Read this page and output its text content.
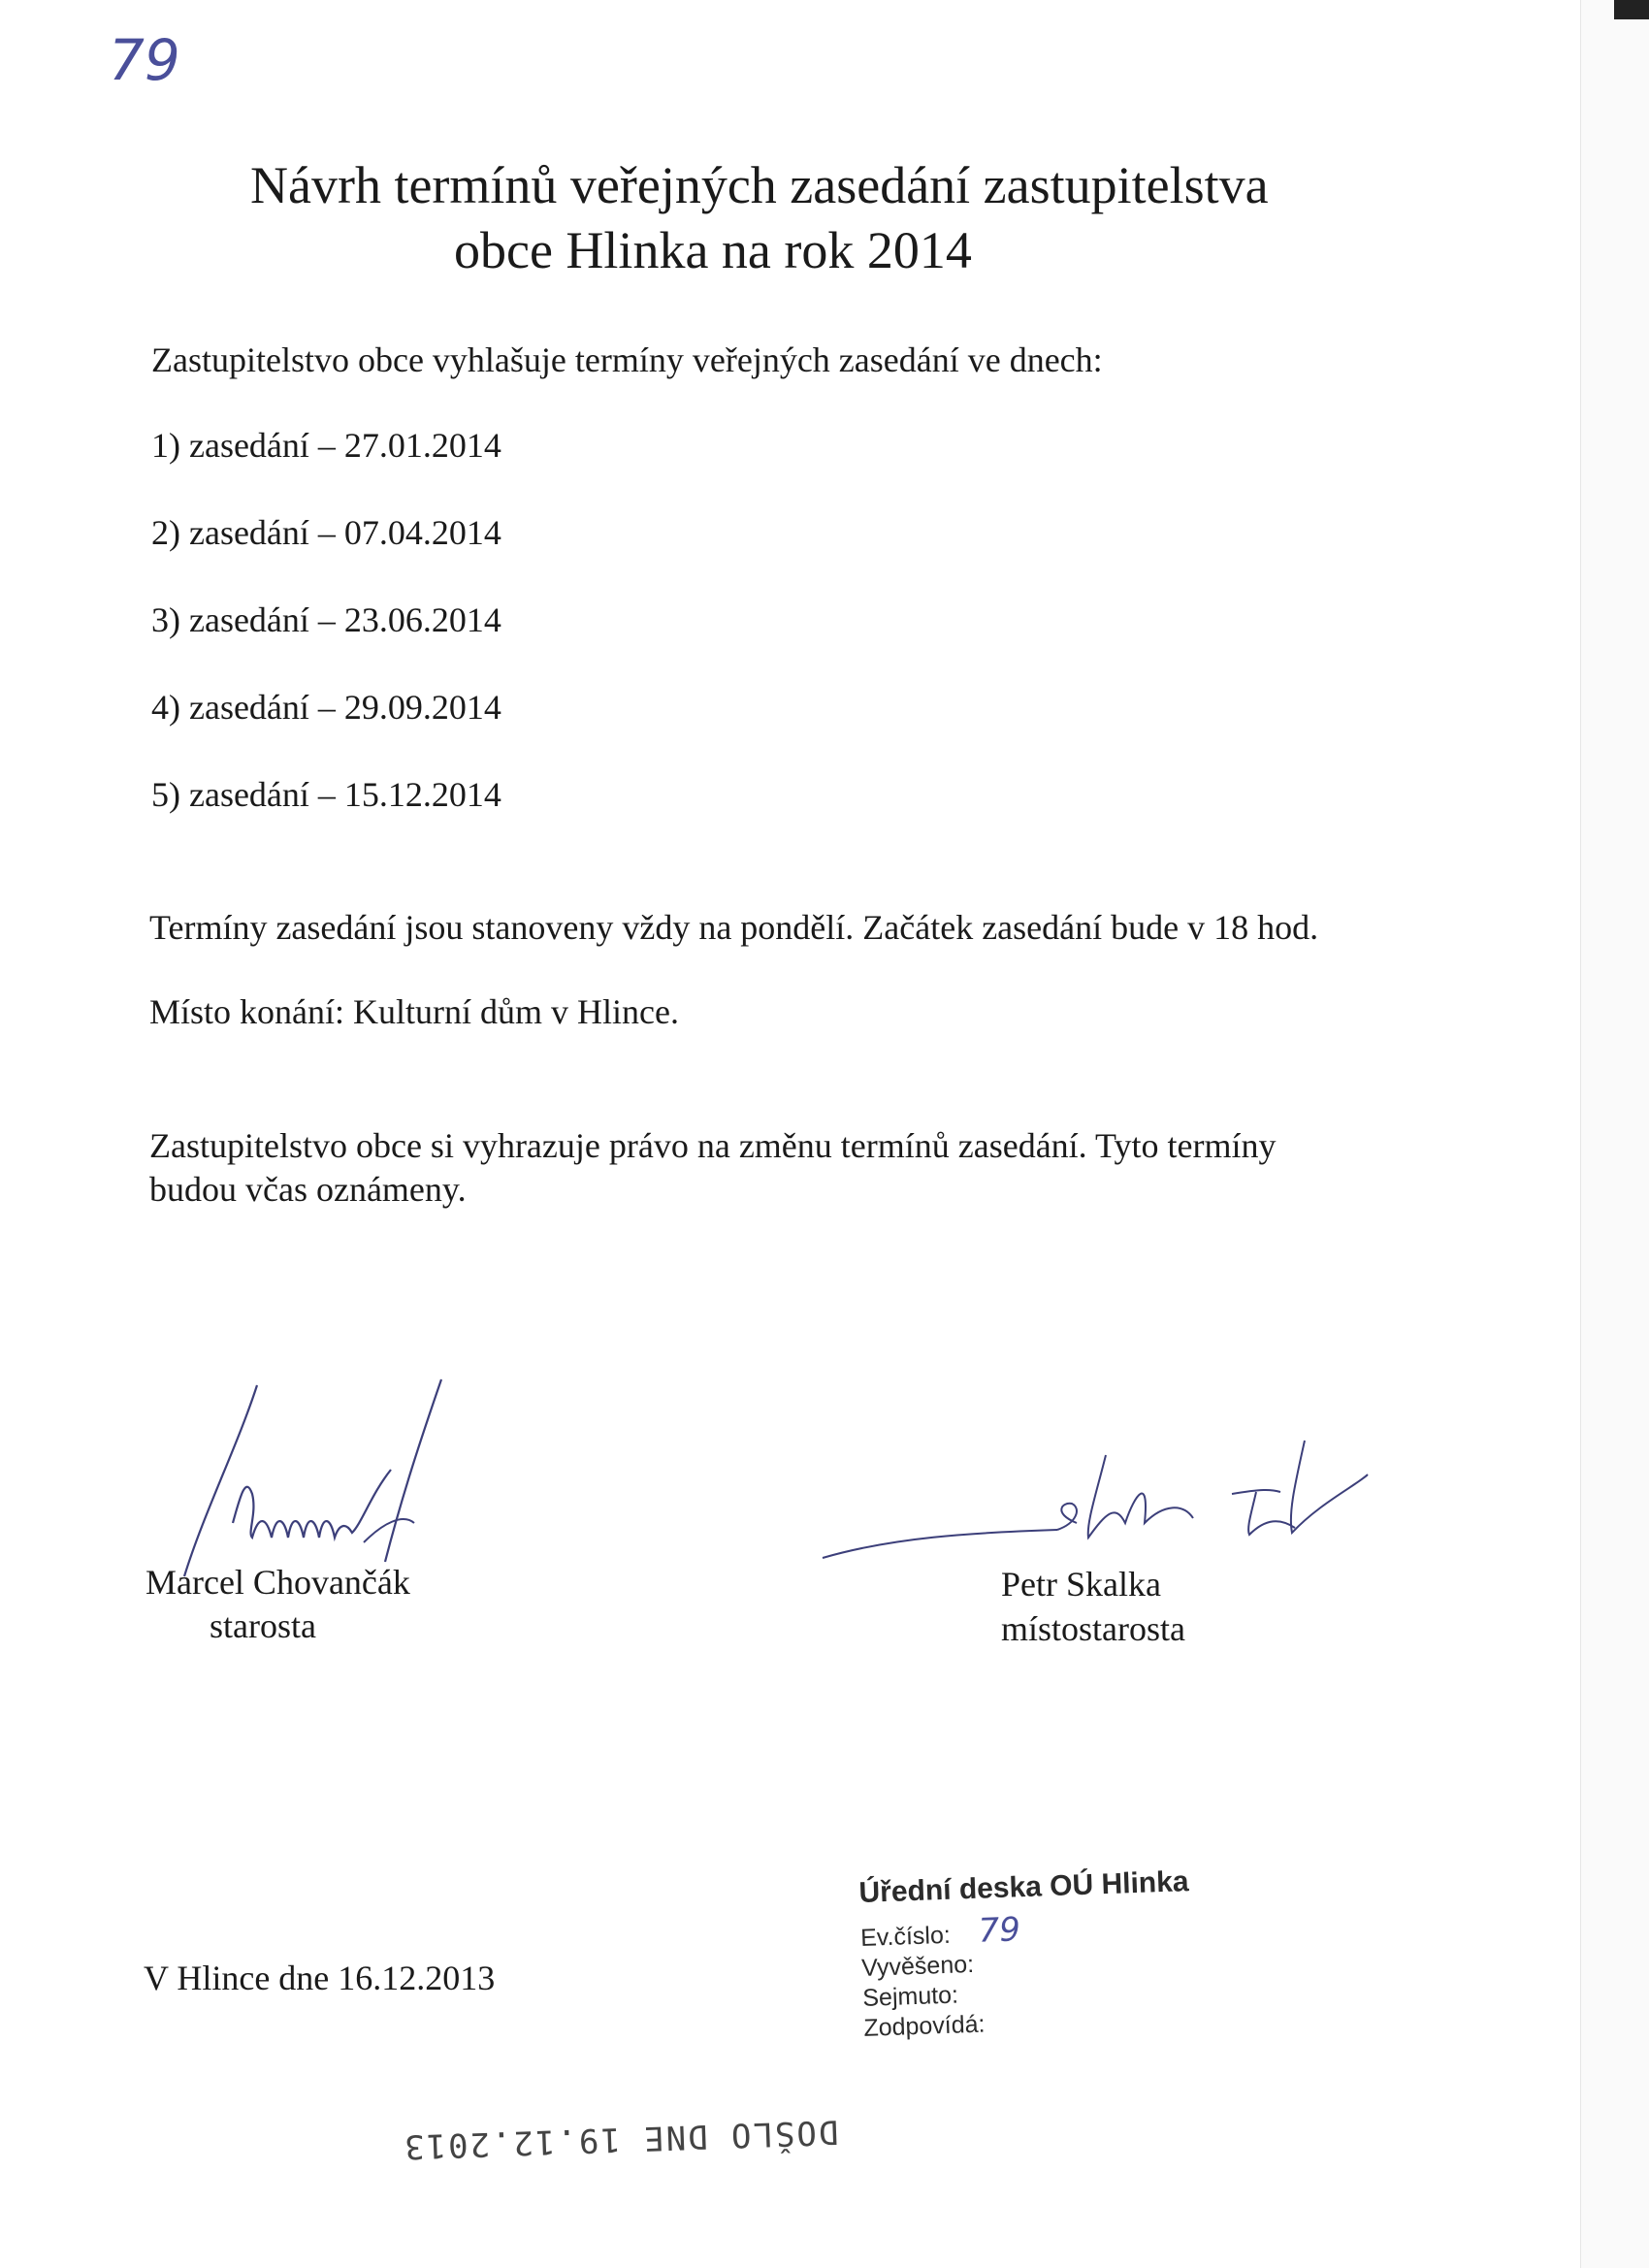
79
Návrh termínů veřejných zasedání zastupitelstva
obce Hlinka na rok 2014
Zastupitelstvo obce vyhlašuje termíny veřejných zasedání ve dnech:
1) zasedání – 27.01.2014
2) zasedání – 07.04.2014
3) zasedání – 23.06.2014
4) zasedání – 29.09.2014
5) zasedání – 15.12.2014
Termíny zasedání jsou stanoveny vždy na pondělí. Začátek zasedání bude v 18 hod.
Místo konání: Kulturní dům v Hlince.
Zastupitelstvo obce si vyhrazuje právo na změnu termínů zasedání. Tyto termíny
budou včas oznámeny.
Marcel Chovančák
starosta
Petr Skalka
místostarosta
V Hlince dne 16.12.2013
Úřední deska OÚ Hlinka
Ev.číslo: 79
Vyvěšeno:
Sejmuto:
Zodpovídá:
DOŠLO DNE 19.12.2013
